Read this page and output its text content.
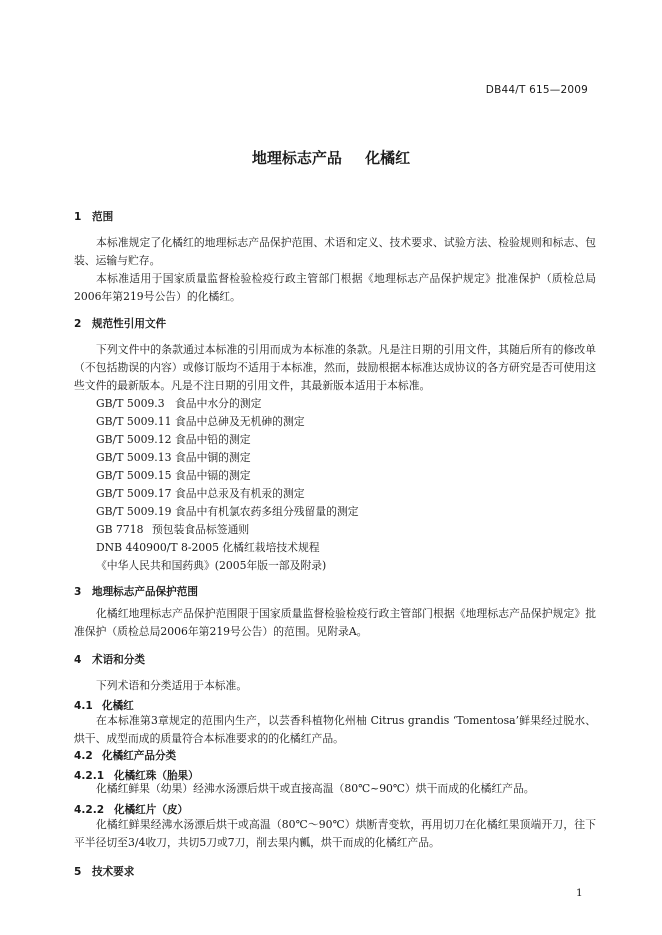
DB44/T 615—2009
地理标志产品 化橘红
1 范围
本标准规定了化橘红的地理标志产品保护范围、术语和定义、技术要求、试验方法、检验规则和标志、包装、运输与贮存。
本标准适用于国家质量监督检验检疫行政主管部门根据《地理标志产品保护规定》批准保护（质检总局2006年第219号公告）的化橘红。
2 规范性引用文件
下列文件中的条款通过本标准的引用而成为本标准的条款。凡是注日期的引用文件，其随后所有的修改单（不包括勘误的内容）或修订版均不适用于本标准，然而，鼓励根据本标准达成协议的各方研究是否可使用这些文件的最新版本。凡是不注日期的引用文件，其最新版本适用于本标准。
GB/T 5009.3 食品中水分的测定
GB/T 5009.11 食品中总砷及无机砷的测定
GB/T 5009.12 食品中铅的测定
GB/T 5009.13 食品中铜的测定
GB/T 5009.15 食品中镉的测定
GB/T 5009.17 食品中总汞及有机汞的测定
GB/T 5009.19 食品中有机氯农药多组分残留量的测定
GB 7718 预包装食品标签通则
DNB 440900/T 8-2005 化橘红栽培技术规程
《中华人民共和国药典》(2005年版一部及附录)
3 地理标志产品保护范围
化橘红地理标志产品保护范围限于国家质量监督检验检疫行政主管部门根据《地理标志产品保护规定》批准保护（质检总局2006年第219号公告）的范围。见附录A。
4 术语和分类
下列术语和分类适用于本标准。
4.1 化橘红
在本标准第3章规定的范围内生产，以芸香科植物化州柚 Citrus grandis ‘Tomentosa’鲜果经过脱水、烘干、成型而成的质量符合本标准要求的的化橘红产品。
4.2 化橘红产品分类
4.2.1 化橘红珠（胎果）
化橘红鲜果（幼果）经沸水汤漂后烘干或直接高温（80℃~90℃）烘干而成的化橘红产品。
4.2.2 化橘红片（皮）
化橘红鲜果经沸水汤漂后烘干或高温（80℃～90℃）烘断青变软，再用切刀在化橘红果顶端开刀，往下平半径切至3/4收刀，共切5刀或7刀，削去果内瓤，烘干而成的化橘红产品。
5 技术要求
1
